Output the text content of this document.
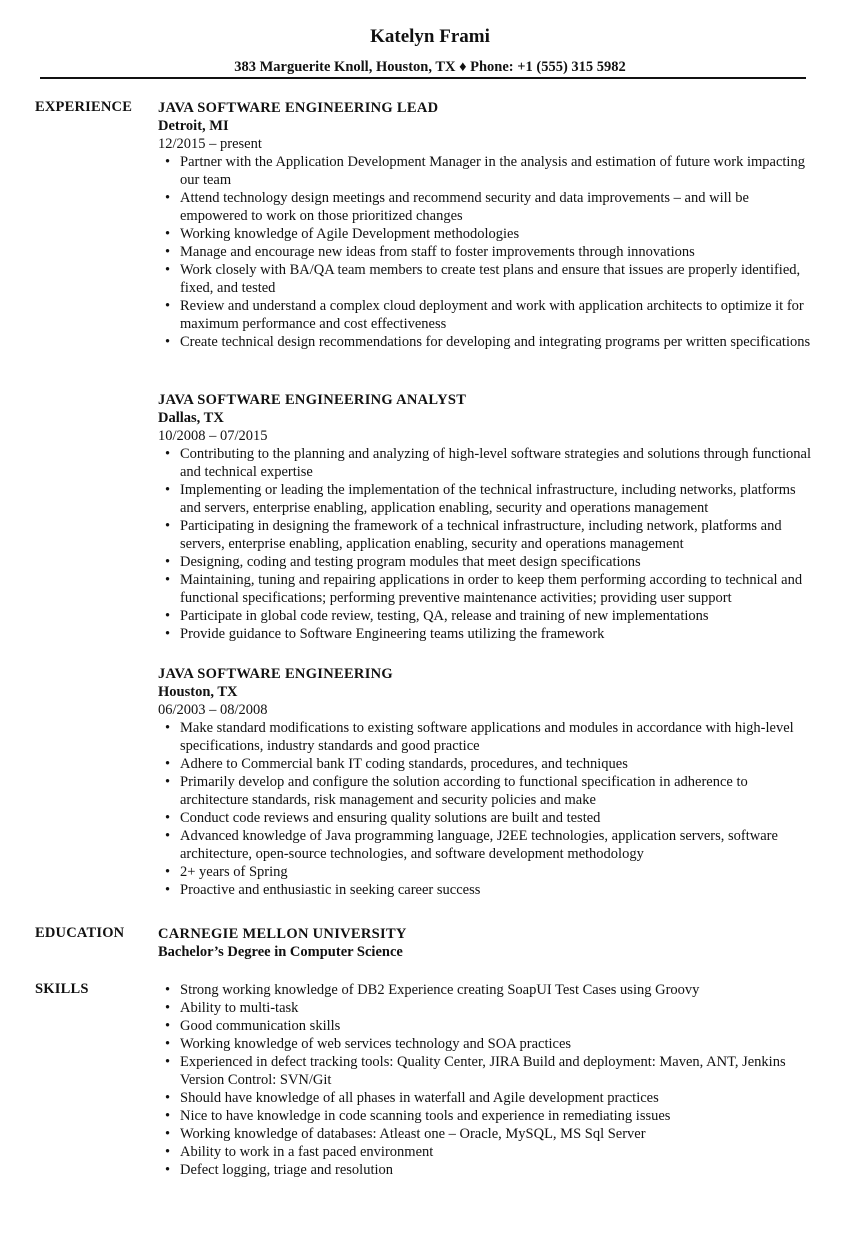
Katelyn Frami
383 Marguerite Knoll, Houston, TX ♦ Phone: +1 (555) 315 5982
EXPERIENCE JAVA SOFTWARE ENGINEERING LEAD
Detroit, MI
12/2015 – present
• Partner with the Application Development Manager in the analysis and estimation of future work impacting our team
• Attend technology design meetings and recommend security and data improvements – and will be empowered to work on those prioritized changes
• Working knowledge of Agile Development methodologies
• Manage and encourage new ideas from staff to foster improvements through innovations
• Work closely with BA/QA team members to create test plans and ensure that issues are properly identified, fixed, and tested
• Review and understand a complex cloud deployment and work with application architects to optimize it for maximum performance and cost effectiveness
• Create technical design recommendations for developing and integrating programs per written specifications
JAVA SOFTWARE ENGINEERING ANALYST
Dallas, TX
10/2008 – 07/2015
• Contributing to the planning and analyzing of high-level software strategies and solutions through functional and technical expertise
• Implementing or leading the implementation of the technical infrastructure, including networks, platforms and servers, enterprise enabling, application enabling, security and operations management
• Participating in designing the framework of a technical infrastructure, including network, platforms and servers, enterprise enabling, application enabling, security and operations management
• Designing, coding and testing program modules that meet design specifications
• Maintaining, tuning and repairing applications in order to keep them performing according to technical and functional specifications; performing preventive maintenance activities; providing user support
• Participate in global code review, testing, QA, release and training of new implementations
• Provide guidance to Software Engineering teams utilizing the framework
JAVA SOFTWARE ENGINEERING
Houston, TX
06/2003 – 08/2008
• Make standard modifications to existing software applications and modules in accordance with high-level specifications, industry standards and good practice
• Adhere to Commercial bank IT coding standards, procedures, and techniques
• Primarily develop and configure the solution according to functional specification in adherence to architecture standards, risk management and security policies and make
• Conduct code reviews and ensuring quality solutions are built and tested
• Advanced knowledge of Java programming language, J2EE technologies, application servers, software architecture, open-source technologies, and software development methodology
• 2+ years of Spring
• Proactive and enthusiastic in seeking career success
EDUCATION CARNEGIE MELLON UNIVERSITY
Bachelor’s Degree in Computer Science
SKILLS
•	Strong working knowledge of DB2 Experience creating SoapUI Test Cases using Groovy
• Ability to multi-task
• Good communication skills
• Working knowledge of web services technology and SOA practices
• Experienced in defect tracking tools: Quality Center, JIRA Build and deployment: Maven, ANT, Jenkins Version Control: SVN/Git
• Should have knowledge of all phases in waterfall and Agile development practices
• Nice to have knowledge in code scanning tools and experience in remediating issues
• Working knowledge of databases: Atleast one – Oracle, MySQL, MS Sql Server
• Ability to work in a fast paced environment
• Defect logging, triage and resolution
